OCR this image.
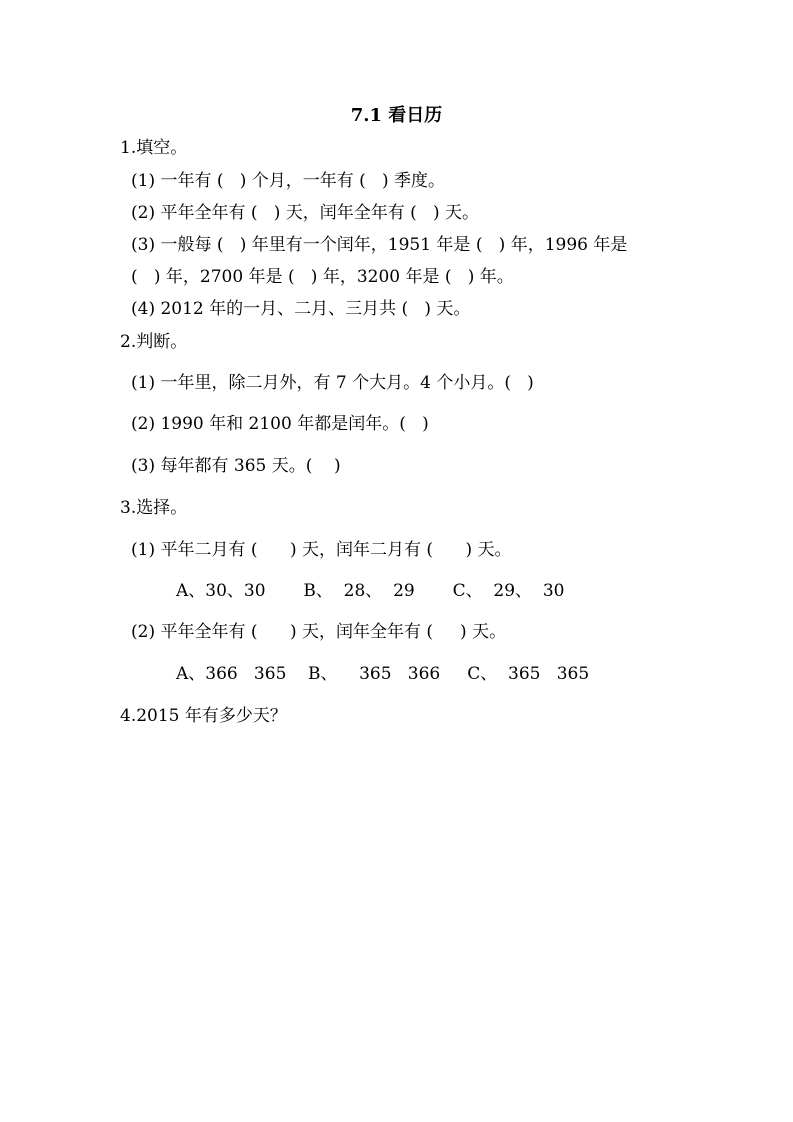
7.1 看日历
1.填空。
(1) 一年有 (   ) 个月，一年有 (   ) 季度。
(2) 平年全年有 (   ) 天，闰年全年有 (   ) 天。
(3) 一般每 (   ) 年里有一个闰年，1951 年是 (   ) 年，1996 年是
(   ) 年，2700 年是 (   ) 年，3200 年是 (   ) 年。
(4) 2012 年的一月、二月、三月共 (   ) 天。
2.判断。
(1) 一年里，除二月外，有 7 个大月。4 个小月。(   )
(2) 1990 年和 2100 年都是闰年。(   )
(3) 每年都有 365 天。(    )
3.选择。
(1) 平年二月有 (      ) 天，闰年二月有 (      ) 天。
A、30、30       B、  28、  29       C、  29、  30
(2) 平年全年有 (      ) 天，闰年全年有 (     ) 天。
A、366   365    B、    365   366     C、  365   365
4.2015 年有多少天？
